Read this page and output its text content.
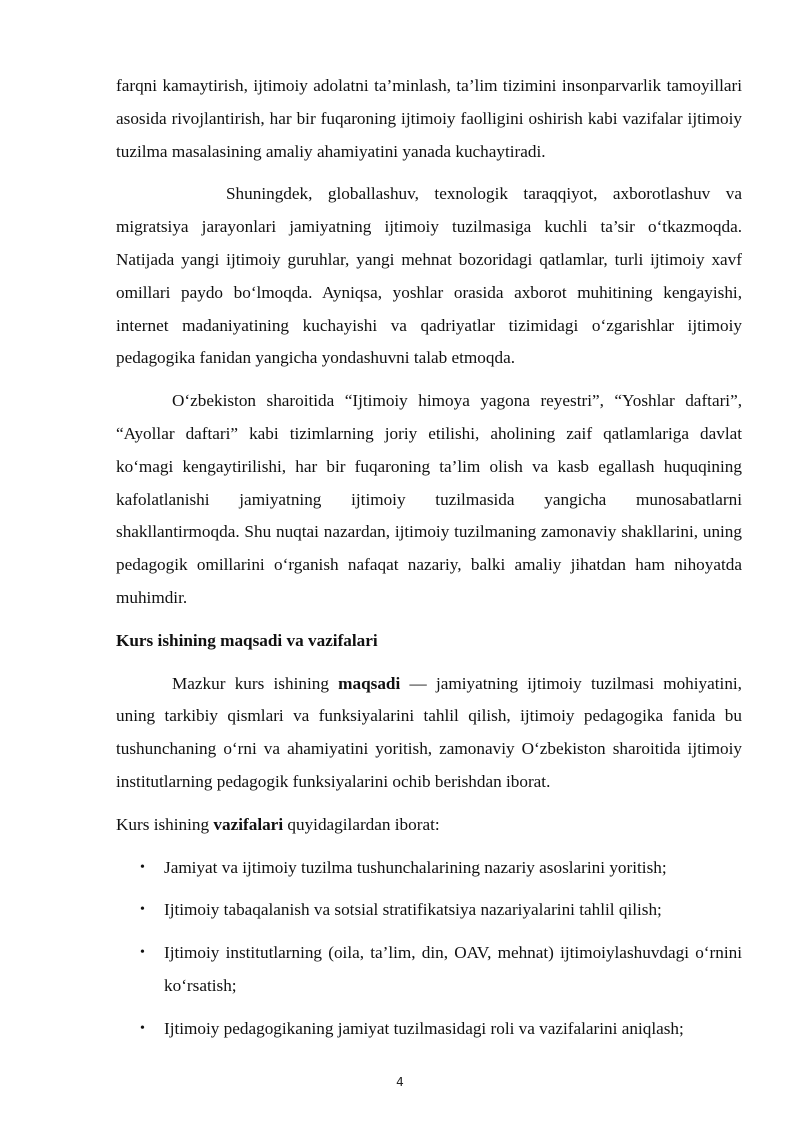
farqni kamaytirish, ijtimoiy adolatni ta’minlash, ta’lim tizimini insonparvarlik tamoyillari asosida rivojlantirish, har bir fuqaroning ijtimoiy faolligini oshirish kabi vazifalar ijtimoiy tuzilma masalasining amaliy ahamiyatini yanada kuchaytiradi.

Shuningdek, globallashuv, texnologik taraqqiyot, axborotlashuv va migratsiya jarayonlari jamiyatning ijtimoiy tuzilmasiga kuchli ta’sir o‘tkazmoqda. Natijada yangi ijtimoiy guruhlar, yangi mehnat bozoridagi qatlamlar, turli ijtimoiy xavf omillari paydo bo‘lmoqda. Ayniqsa, yoshlar orasida axborot muhitining kengayishi, internet madaniyatining kuchayishi va qadriyatlar tizimidagi o‘zgarishlar ijtimoiy pedagogika fanidan yangicha yondashuvni talab etmoqda.

O‘zbekiston sharoitida “Ijtimoiy himoya yagona reyestri”, “Yoshlar daftari”, “Ayollar daftari” kabi tizimlarning joriy etilishi, aholining zaif qatlamlariga davlat ko‘magi kengaytirilishi, har bir fuqaroning ta’lim olish va kasb egallash huquqining kafolatlanishi jamiyatning ijtimoiy tuzilmasida yangicha munosabatlarni shakllantirmoqda. Shu nuqtai nazardan, ijtimoiy tuzilmaning zamonaviy shakllarini, uning pedagogik omillarini o‘rganish nafaqat nazariy, balki amaliy jihatdan ham nihoyatda muhimdir.

Kurs ishining maqsadi va vazifalari

Mazkur kurs ishining maqsadi — jamiyatning ijtimoiy tuzilmasi mohiyatini, uning tarkibiy qismlari va funksiyalarini tahlil qilish, ijtimoiy pedagogika fanida bu tushunchaning o‘rni va ahamiyatini yoritish, zamonaviy O‘zbekiston sharoitida ijtimoiy institutlarning pedagogik funksiyalarini ochib berishdan iborat.

Kurs ishining vazifalari quyidagilardan iborat:

• Jamiyat va ijtimoiy tuzilma tushunchalarining nazariy asoslarini yoritish;
• Ijtimoiy tabaqalanish va sotsial stratifikatsiya nazariyalarini tahlil qilish;
• Ijtimoiy institutlarning (oila, ta’lim, din, OAV, mehnat) ijtimoiylashuvdagi o‘rnini ko‘rsatish;
• Ijtimoiy pedagogikaning jamiyat tuzilmasidagi roli va vazifalarini aniqlash;
4
